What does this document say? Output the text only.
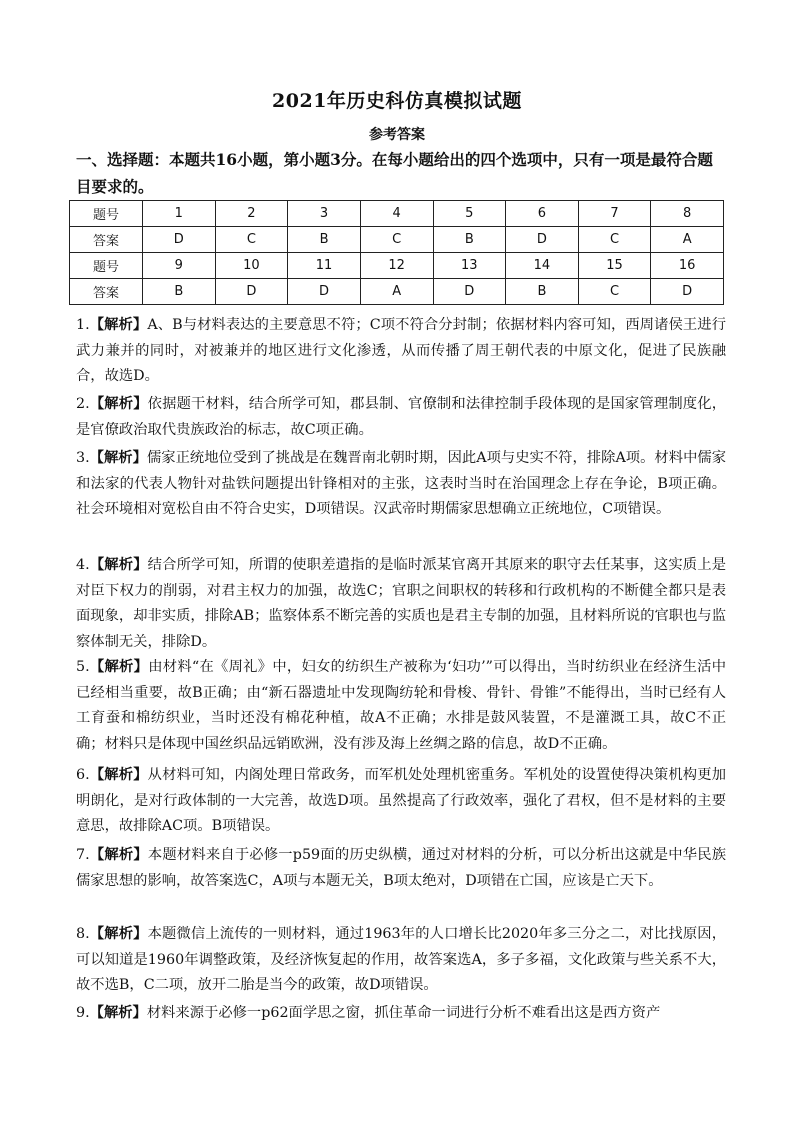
2021年历史科仿真模拟试题
参考答案
一、选择题：本题共16小题，第小题3分。在每小题给出的四个选项中，只有一项是最符合题目要求的。
题号	1	2	3	4	5	6	7	8
答案	D	C	B	C	B	D	C	A
题号	9	10	11	12	13	14	15	16
答案	B	D	D	A	D	B	C	D
1.【解析】A、B与材料表达的主要意思不符；C项不符合分封制；依据材料内容可知，西周诸侯王进行武力兼并的同时，对被兼并的地区进行文化渗透，从而传播了周王朝代表的中原文化，促进了民族融合，故选D。
2.【解析】依据题干材料，结合所学可知，郡县制、官僚制和法律控制手段体现的是国家管理制度化，是官僚政治取代贵族政治的标志，故C项正确。
3.【解析】儒家正统地位受到了挑战是在魏晋南北朝时期，因此A项与史实不符，排除A项。材料中儒家和法家的代表人物针对盐铁问题提出针锋相对的主张，这表时当时在治国理念上存在争论，B项正确。社会环境相对宽松自由不符合史实，D项错误。汉武帝时期儒家思想确立正统地位，C项错误。
4.【解析】结合所学可知，所谓的使职差遣指的是临时派某官离开其原来的职守去任某事，这实质上是对臣下权力的削弱，对君主权力的加强，故选C；官职之间职权的转移和行政机构的不断健全都只是表面现象，却非实质，排除AB；监察体系不断完善的实质也是君主专制的加强，且材料所说的官职也与监察体制无关，排除D。
5.【解析】由材料“在《周礼》中，妇女的纺织生产被称为‘妇功’”可以得出，当时纺织业在经济生活中已经相当重要，故B正确；由“新石器遗址中发现陶纺轮和骨梭、骨针、骨锥”不能得出，当时已经有人工育蚕和棉纺织业，当时还没有棉花种植，故A不正确；水排是鼓风装置，不是灌溉工具，故C不正确；材料只是体现中国丝织品远销欧洲，没有涉及海上丝绸之路的信息，故D不正确。
6.【解析】从材料可知，内阁处理日常政务，而军机处处理机密重务。军机处的设置使得决策机构更加明朗化，是对行政体制的一大完善，故选D项。虽然提高了行政效率，强化了君权，但不是材料的主要意思，故排除AC项。B项错误。
7.【解析】本题材料来自于必修一p59面的历史纵横，通过对材料的分析，可以分析出这就是中华民族儒家思想的影响，故答案选C，A项与本题无关，B项太绝对，D项错在亡国，应该是亡天下。
8.【解析】本题微信上流传的一则材料，通过1963年的人口增长比2020年多三分之二，对比找原因，可以知道是1960年调整政策，及经济恢复起的作用，故答案选A，多子多福，文化政策与些关系不大，故不选B，C二项，放开二胎是当今的政策，故D项错误。
9.【解析】材料来源于必修一p62面学思之窗，抓住革命一词进行分析不难看出这是西方资产
